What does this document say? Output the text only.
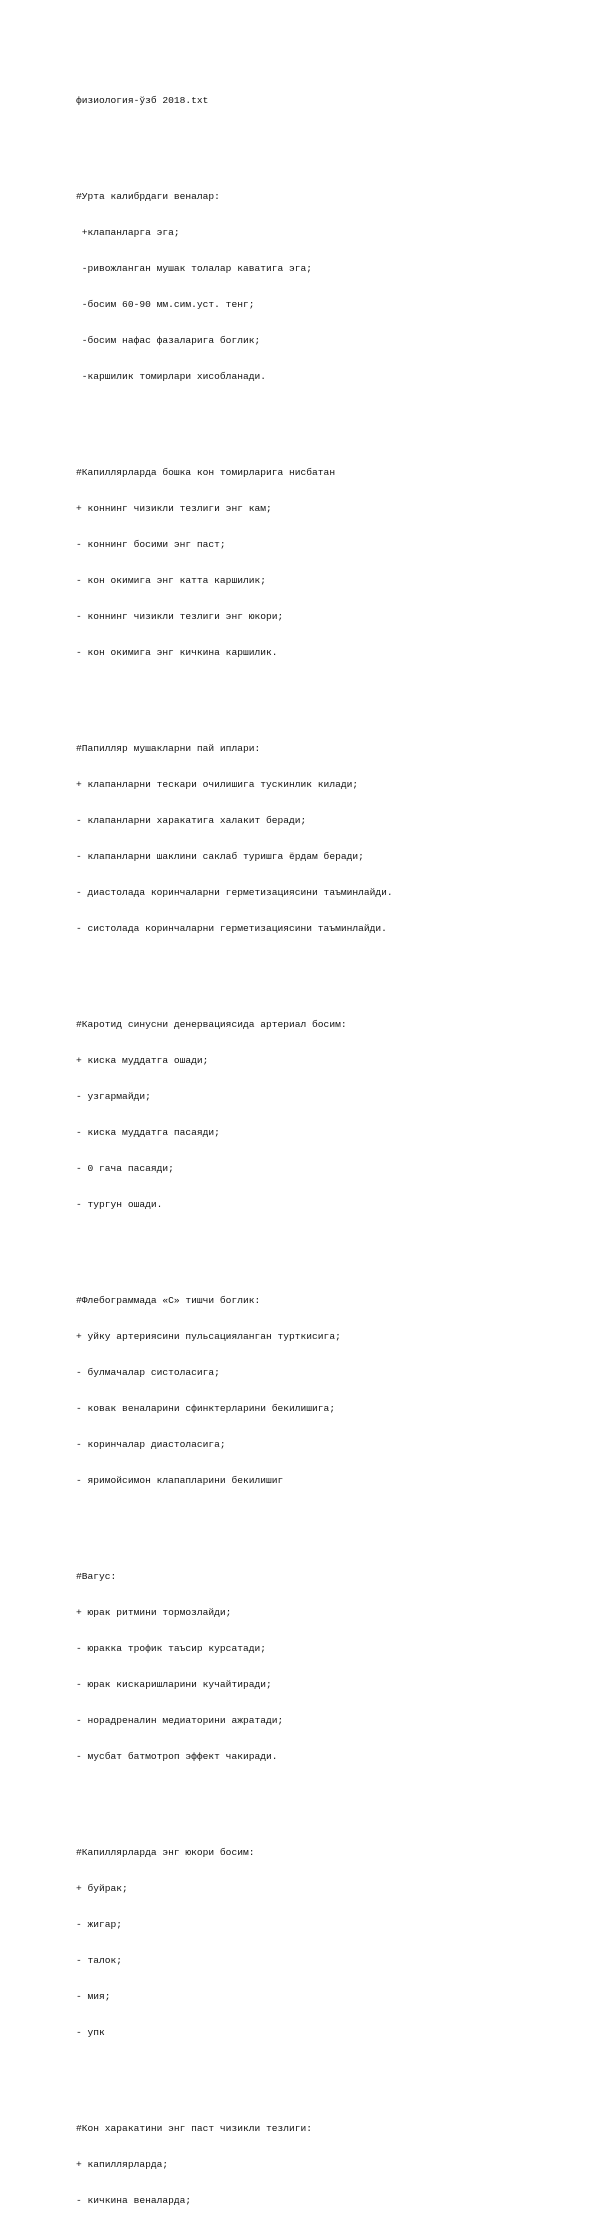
физиология-ўзб 2018.txt

#Урта калибрдаги веналар:

+клапанларга эга;

-ривожланган мушак толалар каватига эга;

-босим 60-90 мм.сим.уст. тенг;

-босим нафас фазаларига боглик;

-каршилик томирлари хисобланади.

#Капиллярларда бошка кон томирларига нисбатан

+ коннинг чизикли тезлиги энг кам;

- коннинг босими энг паст;

- кон окимига энг катта каршилик;

- коннинг чизикли тезлиги энг юкори;

- кон окимига энг кичкина каршилик.

#Папилляр мушакларни пай иплари:

+ клапанларни тескари очилишига тускинлик килади;

- клапанларни харакатига халакит беради;

- клапанларни шаклини саклаб туришга ёрдам беради;

- диастолада коринчаларни герметизациясини таъминлайди.

- систолада коринчаларни герметизациясини таъминлайди.

#Каротид синусни денервациясида артериал босим:

+ киска муддатга ошади;

- узгармайди;

- киска муддатга пасаяди;

- 0 гача пасаяди;

- тургун ошади.

#Флебограммада «С» тишчи боглик:

+ уйку артериясини пульсацияланган турткисига;

- булмачалар систоласига;

- ковак веналарини сфинктерларини бекилишига;

- коринчалар диастоласига;

- яримойсимон клапапларини бекилишиг

#Вагус:

+ юрак ритмини тормозлайди;

- юракка трофик таъсир курсатади;

- юрак кискаришларини кучайтиради;

- норадреналин медиаторини ажратади;

- мусбат батмотроп эффект чакиради.

#Капиллярларда энг юкори босим:

+ буйрак;

- жигар;

- талок;

- мия;

- упк

#Кон харакатини энг паст чизикли тезлиги:

+ капиллярларда;

- кичкина веналарда;
